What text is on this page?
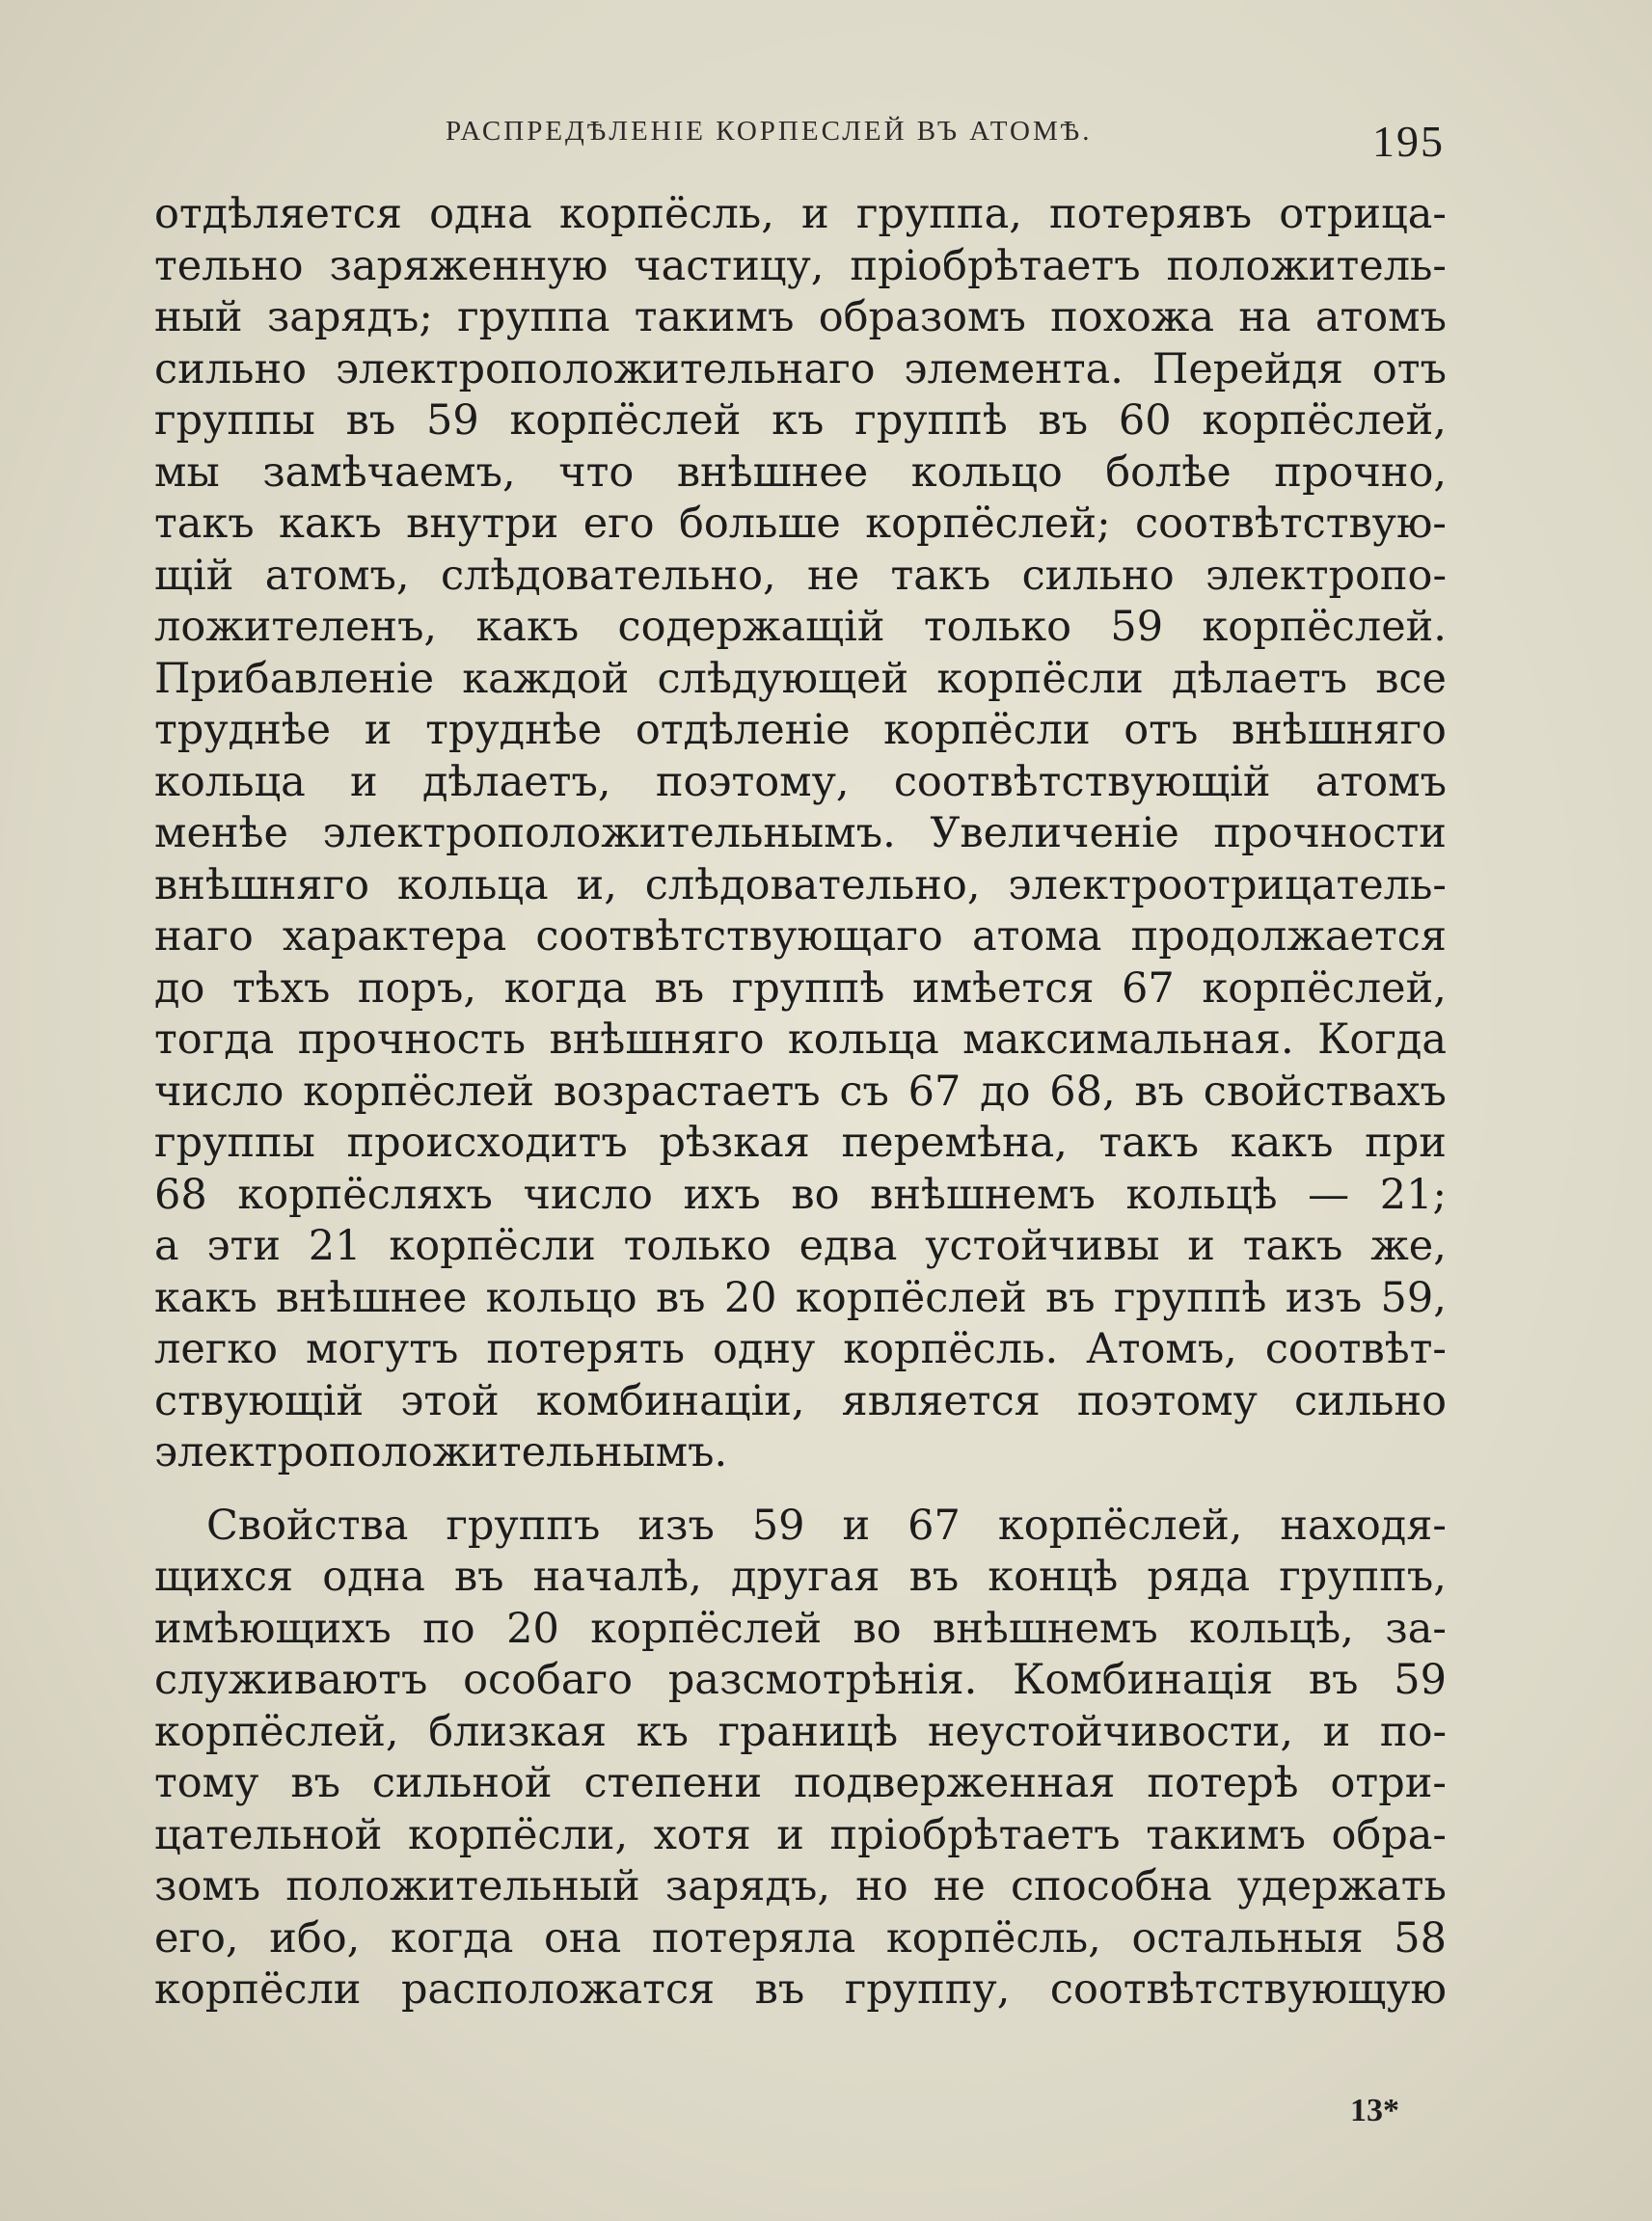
РАСПРЕДѢЛЕНІЕ КОРПЕСЛЕЙ ВЪ АТОМѢ.	195
отдѣляется одна корпёсль, и группа, потерявъ отрица-
тельно заряженную частицу, пріобрѣтаетъ положитель-
ный зарядъ; группа такимъ образомъ похожа на атомъ
сильно электроположительнаго элемента. Перейдя отъ
группы въ 59 корпёслей къ группѣ въ 60 корпёслей,
мы замѣчаемъ, что внѣшнее кольцо болѣе прочно,
такъ какъ внутри его больше корпёслей; соотвѣтствую-
щій атомъ, слѣдовательно, не такъ сильно электропо-
ложителенъ, какъ содержащій только 59 корпёслей.
Прибавленіе каждой слѣдующей корпёсли дѣлаетъ все
труднѣе и труднѣе отдѣленіе корпёсли отъ внѣшняго
кольца и дѣлаетъ, поэтому, соотвѣтствующій атомъ
менѣе электроположительнымъ. Увеличеніе прочности
внѣшняго кольца и, слѣдовательно, электроотрицатель-
наго характера соотвѣтствующаго атома продолжается
до тѣхъ поръ, когда въ группѣ имѣется 67 корпёслей,
тогда прочность внѣшняго кольца максимальная. Когда
число корпёслей возрастаетъ съ 67 до 68, въ свойствахъ
группы происходитъ рѣзкая перемѣна, такъ какъ при
68 корпёсляхъ число ихъ во внѣшнемъ кольцѣ — 21;
а эти 21 корпёсли только едва устойчивы и такъ же,
какъ внѣшнее кольцо въ 20 корпёслей въ группѣ изъ 59,
легко могутъ потерять одну корпёсль. Атомъ, соотвѣт-
ствующій этой комбинаціи, является поэтому сильно
электроположительнымъ.
Свойства группъ изъ 59 и 67 корпёслей, находя-
щихся одна въ началѣ, другая въ концѣ ряда группъ,
имѣющихъ по 20 корпёслей во внѣшнемъ кольцѣ, за-
служиваютъ особаго разсмотрѣнія. Комбинація въ 59
корпёслей, близкая къ границѣ неустойчивости, и по-
тому въ сильной степени подверженная потерѣ отри-
цательной корпёсли, хотя и пріобрѣтаетъ такимъ обра-
зомъ положительный зарядъ, но не способна удержать
его, ибо, когда она потеряла корпёсль, остальныя 58
корпёсли расположатся въ группу, соотвѣтствующую
13*
